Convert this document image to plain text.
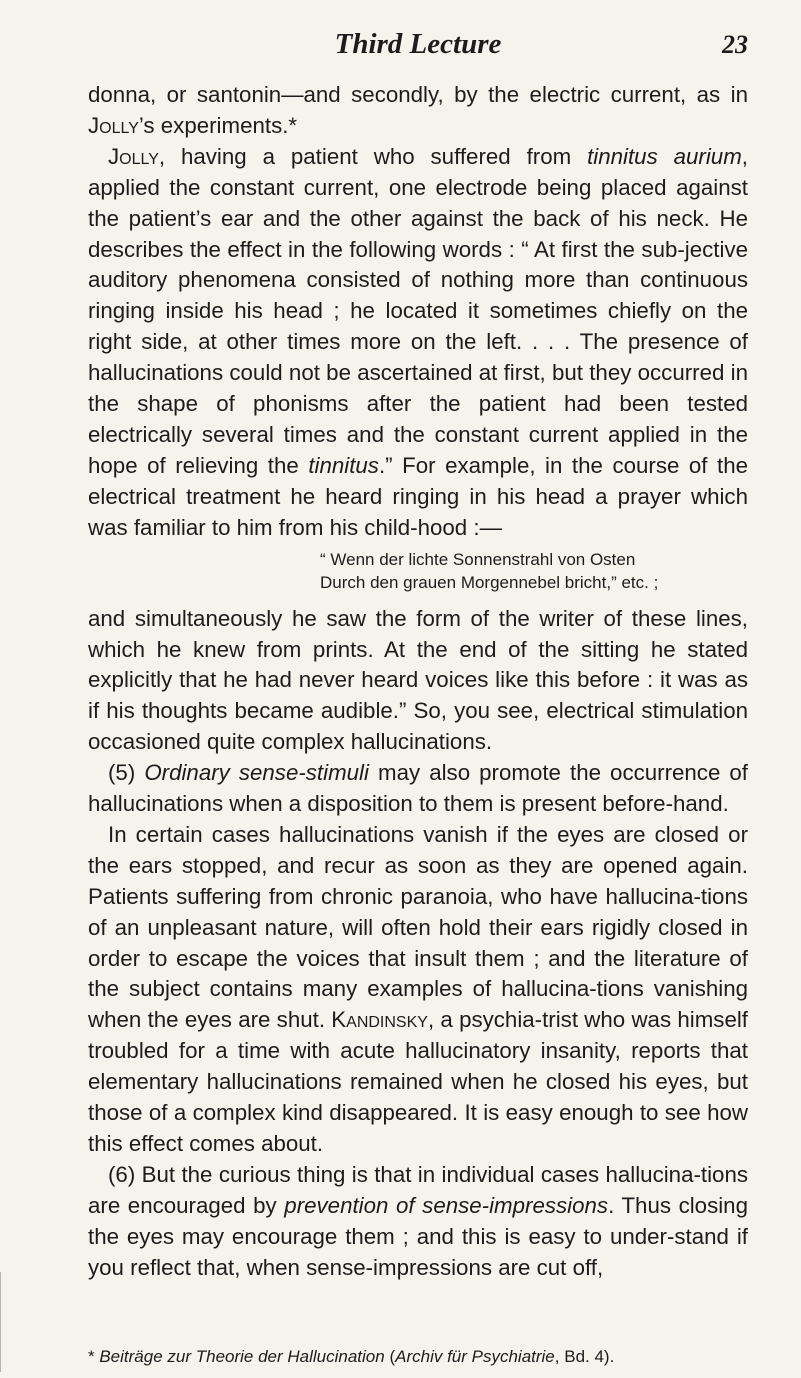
Third Lecture	23

donna, or santonin—and secondly, by the electric current, as in Jolly’s experiments.*

Jolly, having a patient who suffered from tinnitus aurium, applied the constant current, one electrode being placed against the patient’s ear and the other against the back of his neck. He describes the effect in the following words : “ At first the sub-jective auditory phenomena consisted of nothing more than continuous ringing inside his head ; he located it sometimes chiefly on the right side, at other times more on the left. . . . The presence of hallucinations could not be ascertained at first, but they occurred in the shape of phonisms after the patient had been tested electrically several times and the constant current applied in the hope of relieving the tinnitus.” For example, in the course of the electrical treatment he heard ringing in his head a prayer which was familiar to him from his child-hood :—

“ Wenn der lichte Sonnenstrahl von Osten
Durch den grauen Morgennebel bricht,” etc. ;

and simultaneously he saw the form of the writer of these lines, which he knew from prints. At the end of the sitting he stated explicitly that he had never heard voices like this before : it was as if his thoughts became audible.” So, you see, electrical stimulation occasioned quite complex hallucinations.

(5) Ordinary sense-stimuli may also promote the occurrence of hallucinations when a disposition to them is present before-hand.

In certain cases hallucinations vanish if the eyes are closed or the ears stopped, and recur as soon as they are opened again. Patients suffering from chronic paranoia, who have hallucina-tions of an unpleasant nature, will often hold their ears rigidly closed in order to escape the voices that insult them ; and the literature of the subject contains many examples of hallucina-tions vanishing when the eyes are shut. Kandinsky, a psychia-trist who was himself troubled for a time with acute hallucinatory insanity, reports that elementary hallucinations remained when he closed his eyes, but those of a complex kind disappeared. It is easy enough to see how this effect comes about.

(6) But the curious thing is that in individual cases hallucina-tions are encouraged by prevention of sense-impressions. Thus closing the eyes may encourage them ; and this is easy to under-stand if you reflect that, when sense-impressions are cut off,

* Beiträge zur Theorie der Hallucination (Archiv für Psychiatrie, Bd. 4).
